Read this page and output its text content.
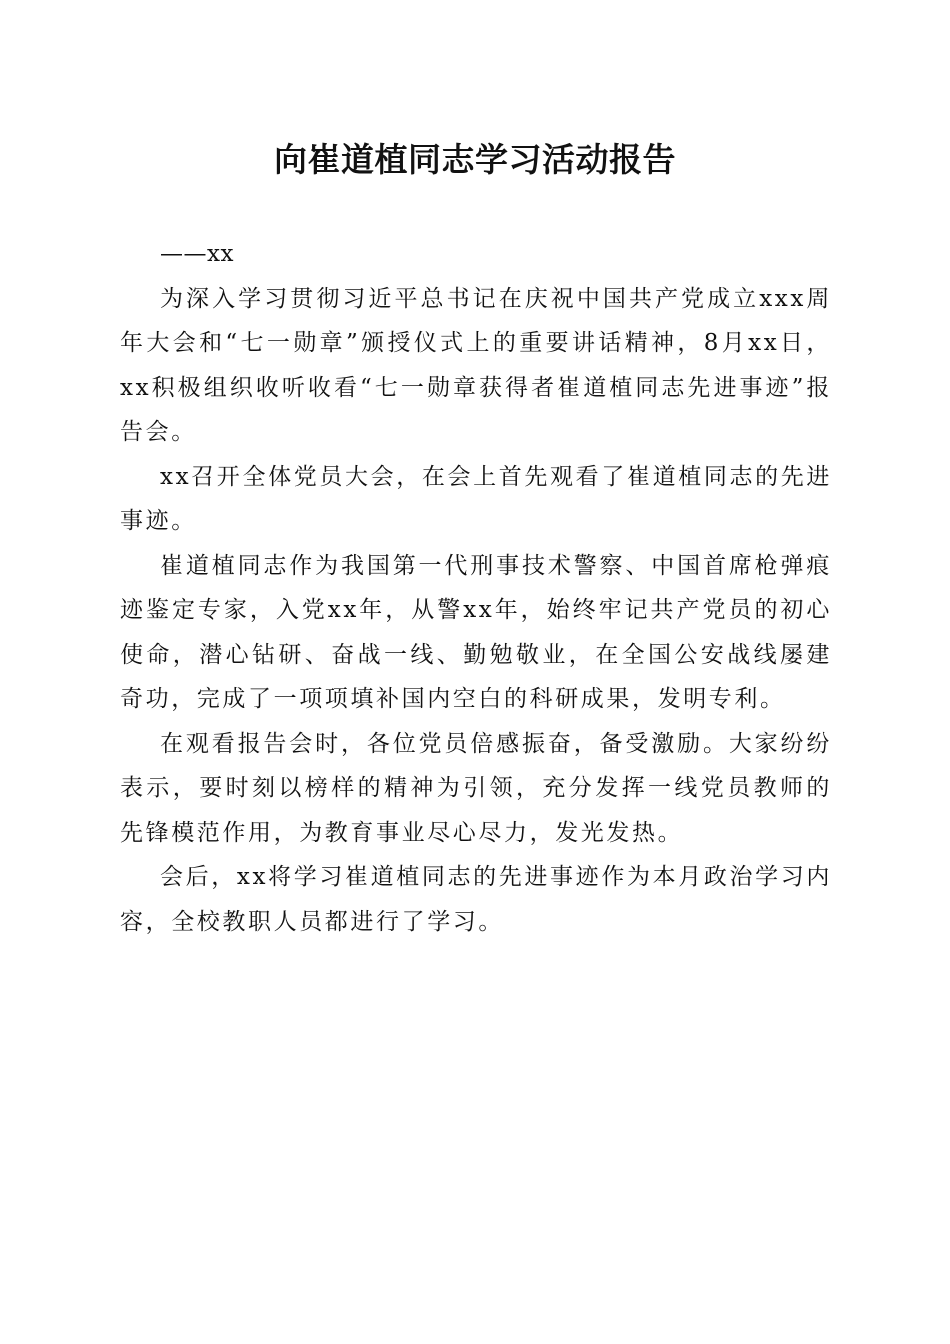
向崔道植同志学习活动报告
——xx

为深入学习贯彻习近平总书记在庆祝中国共产党成立xxx周年大会和“七一勋章”颁授仪式上的重要讲话精神，8月xx日，xx积极组织收听收看“七一勋章获得者崔道植同志先进事迹”报告会。

xx召开全体党员大会，在会上首先观看了崔道植同志的先进事迹。

崔道植同志作为我国第一代刑事技术警察、中国首席枪弹痕迹鉴定专家，入党xx年，从警xx年，始终牢记共产党员的初心使命，潜心钻研、奋战一线、勤勉敬业，在全国公安战线屡建奇功，完成了一项项填补国内空白的科研成果，发明专利。

在观看报告会时，各位党员倍感振奋，备受激励。大家纷纷表示，要时刻以榜样的精神为引领，充分发挥一线党员教师的先锋模范作用，为教育事业尽心尽力，发光发热。

会后，xx将学习崔道植同志的先进事迹作为本月政治学习内容，全校教职人员都进行了学习。
